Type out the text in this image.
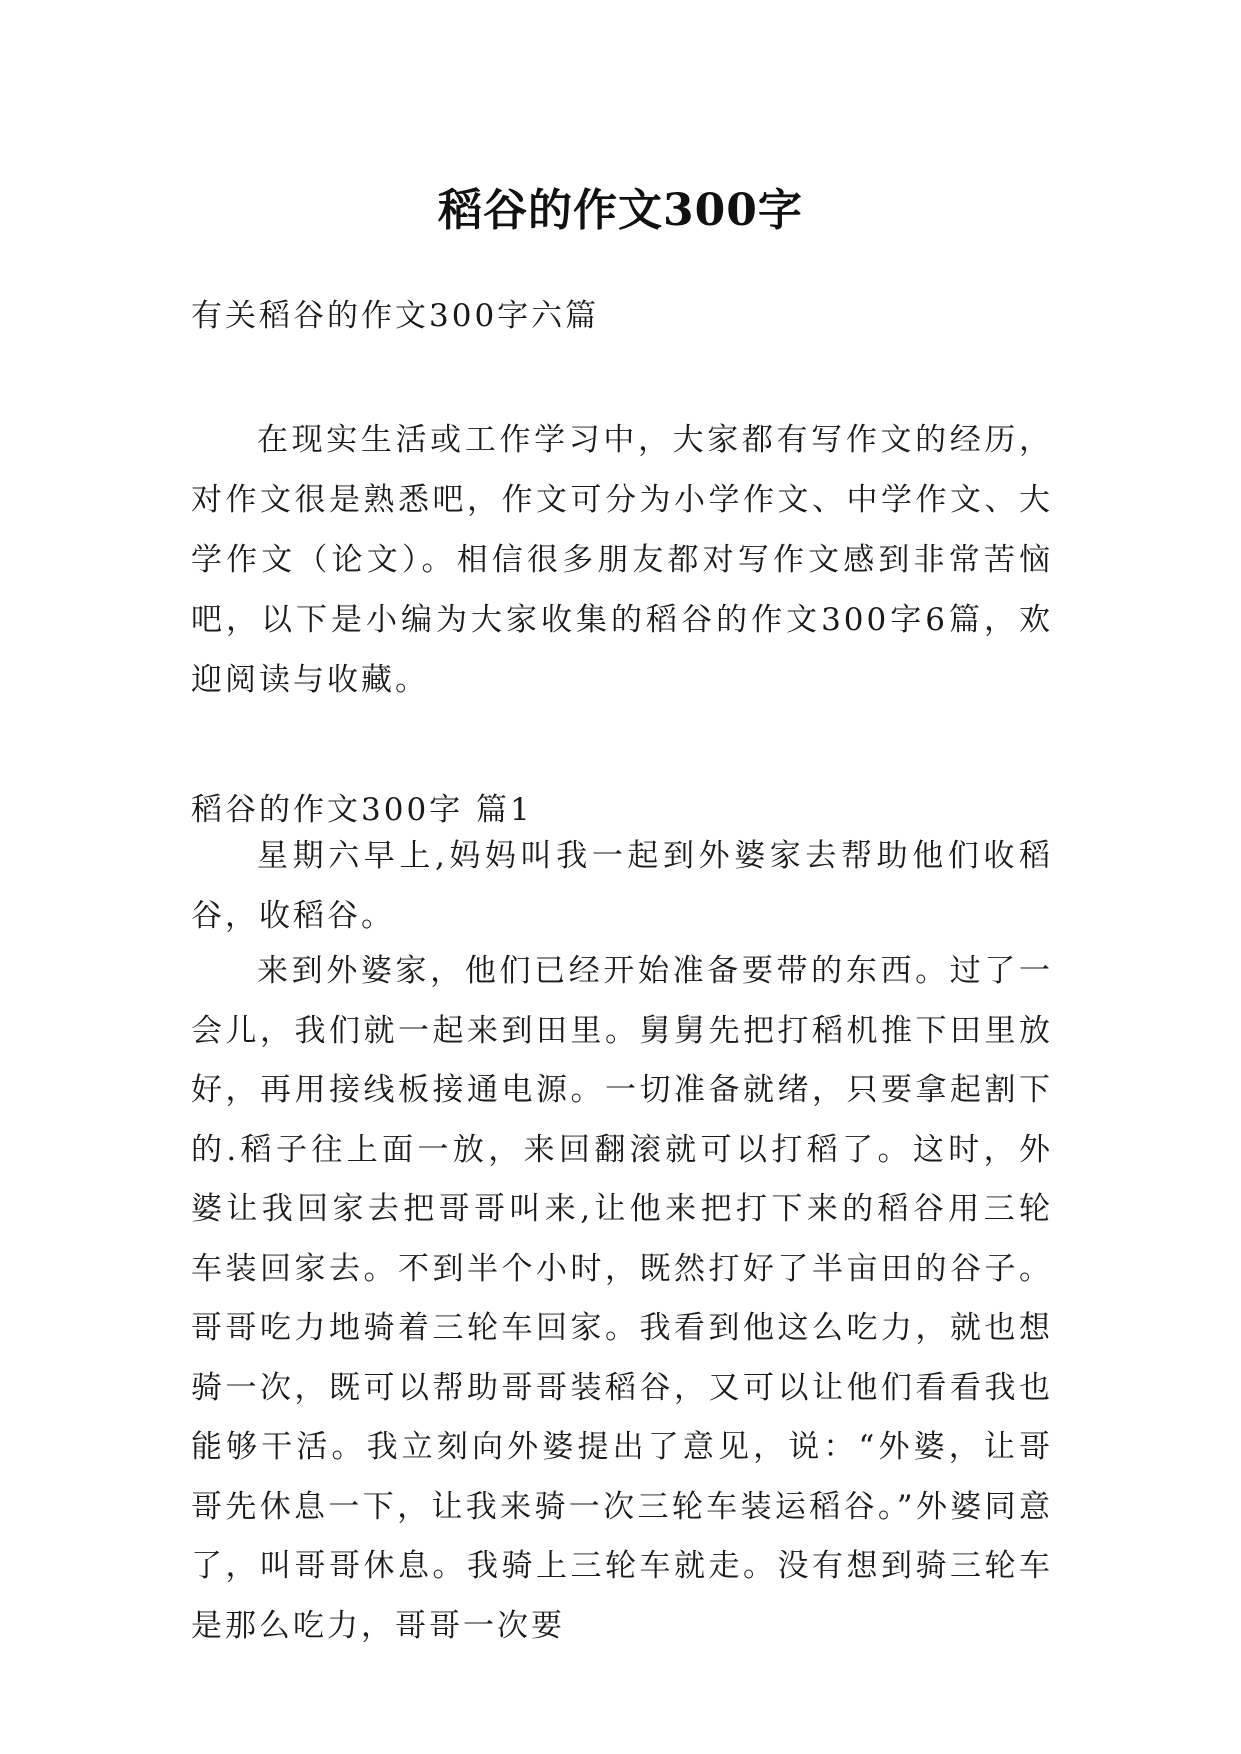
稻谷的作文300字

有关稻谷的作文300字六篇

在现实生活或工作学习中，大家都有写作文的经历，对作文很是熟悉吧，作文可分为小学作文、中学作文、大学作文（论文）。相信很多朋友都对写作文感到非常苦恼吧，以下是小编为大家收集的稻谷的作文300字6篇，欢迎阅读与收藏。

稻谷的作文300字 篇1

星期六早上,妈妈叫我一起到外婆家去帮助他们收稻谷，收稻谷。

来到外婆家，他们已经开始准备要带的东西。过了一会儿，我们就一起来到田里。舅舅先把打稻机推下田里放好，再用接线板接通电源。一切准备就绪，只要拿起割下的.稻子往上面一放，来回翻滚就可以打稻了。这时，外婆让我回家去把哥哥叫来,让他来把打下来的稻谷用三轮车装回家去。不到半个小时，既然打好了半亩田的谷子。哥哥吃力地骑着三轮车回家。我看到他这么吃力，就也想骑一次，既可以帮助哥哥装稻谷，又可以让他们看看我也能够干活。我立刻向外婆提出了意见，说：“外婆，让哥哥先休息一下，让我来骑一次三轮车装运稻谷。”外婆同意了，叫哥哥休息。我骑上三轮车就走。没有想到骑三轮车是那么吃力，哥哥一次要
